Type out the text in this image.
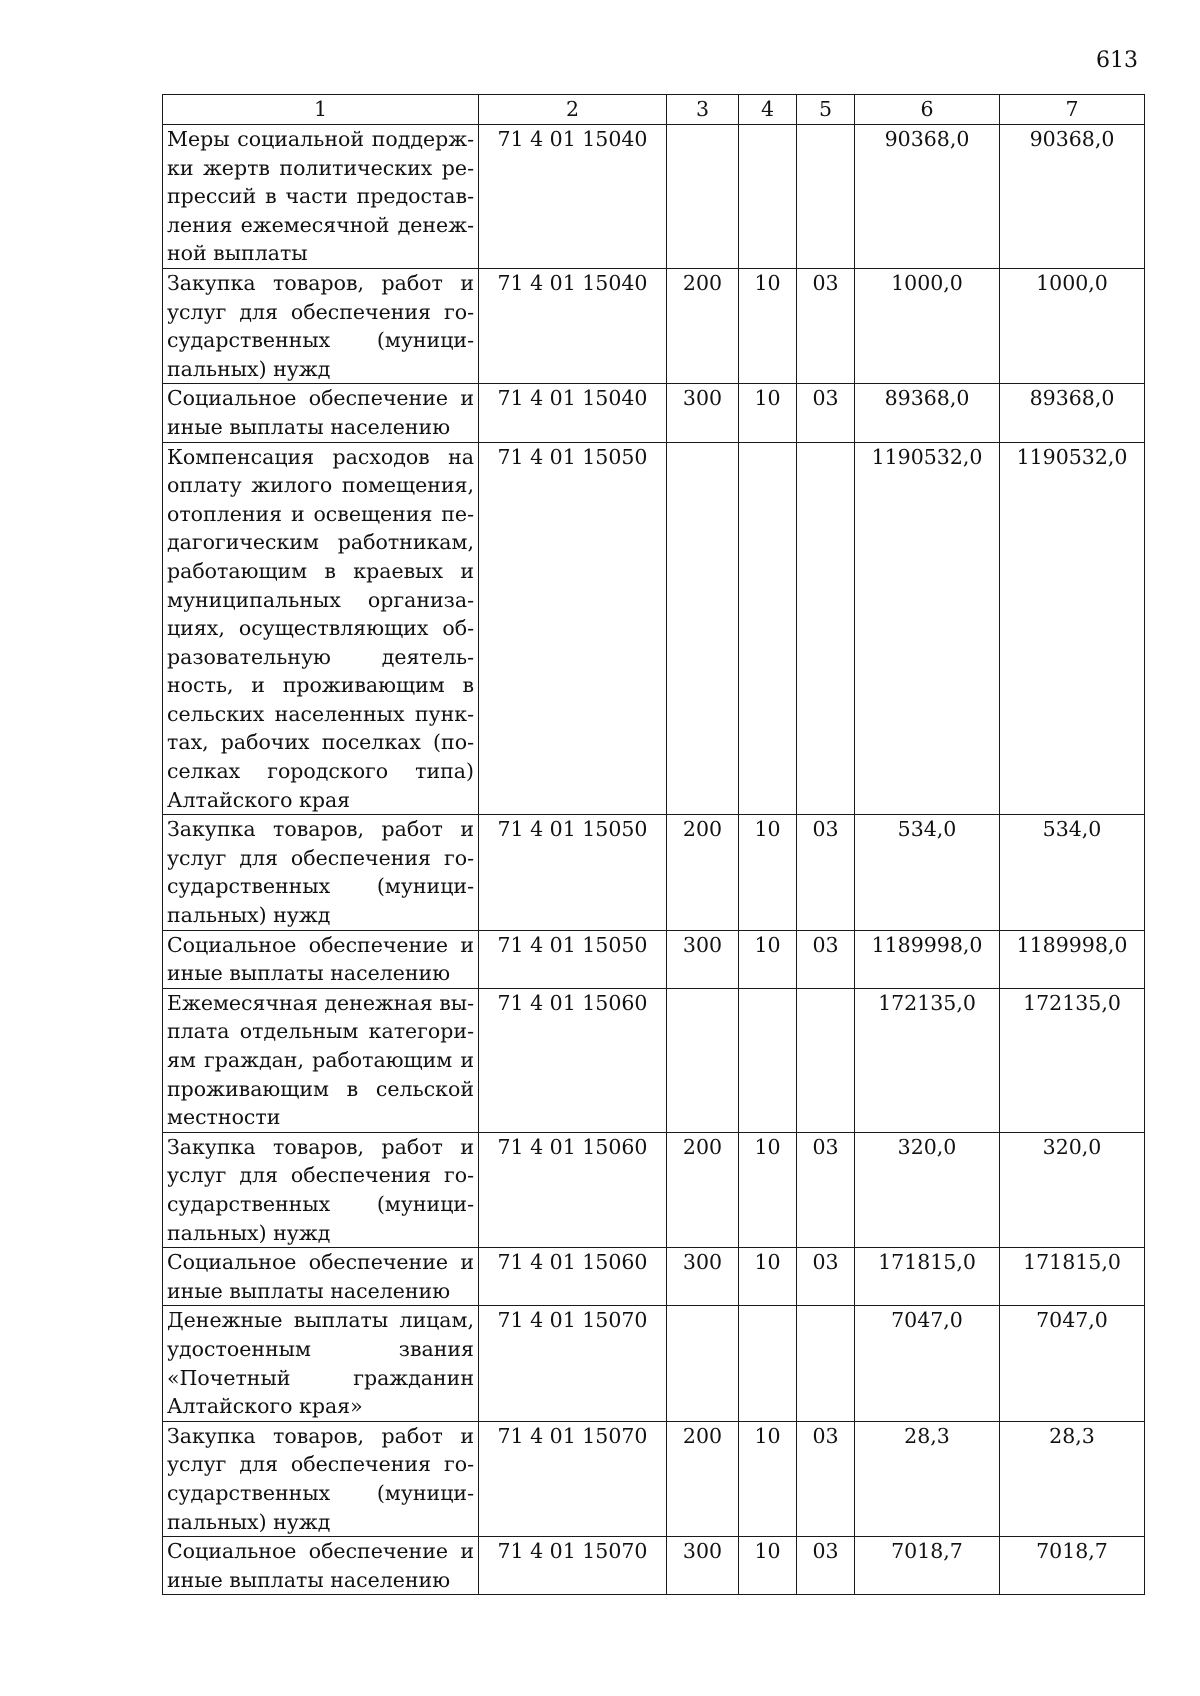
613
1	2	3	4	5	6	7
Меры социальной поддержки жертв политических репрессий в части предоставления ежемесячной денежной выплаты	71 4 01 15040				90368,0	90368,0
Закупка товаров, работ и услуг для обеспечения государственных (муниципальных) нужд	71 4 01 15040	200	10	03	1000,0	1000,0
Социальное обеспечение и иные выплаты населению	71 4 01 15040	300	10	03	89368,0	89368,0
Компенсация расходов на оплату жилого помещения, отопления и освещения педагогическим работникам, работающим в краевых и муниципальных организациях, осуществляющих образовательную деятельность, и проживающим в сельских населенных пунктах, рабочих поселках (поселках городского типа) Алтайского края	71 4 01 15050				1190532,0	1190532,0
Закупка товаров, работ и услуг для обеспечения государственных (муниципальных) нужд	71 4 01 15050	200	10	03	534,0	534,0
Социальное обеспечение и иные выплаты населению	71 4 01 15050	300	10	03	1189998,0	1189998,0
Ежемесячная денежная выплата отдельным категориям граждан, работающим и проживающим в сельской местности	71 4 01 15060				172135,0	172135,0
Закупка товаров, работ и услуг для обеспечения государственных (муниципальных) нужд	71 4 01 15060	200	10	03	320,0	320,0
Социальное обеспечение и иные выплаты населению	71 4 01 15060	300	10	03	171815,0	171815,0
Денежные выплаты лицам, удостоенным звания «Почетный гражданин Алтайского края»	71 4 01 15070				7047,0	7047,0
Закупка товаров, работ и услуг для обеспечения государственных (муниципальных) нужд	71 4 01 15070	200	10	03	28,3	28,3
Социальное обеспечение и иные выплаты населению	71 4 01 15070	300	10	03	7018,7	7018,7
